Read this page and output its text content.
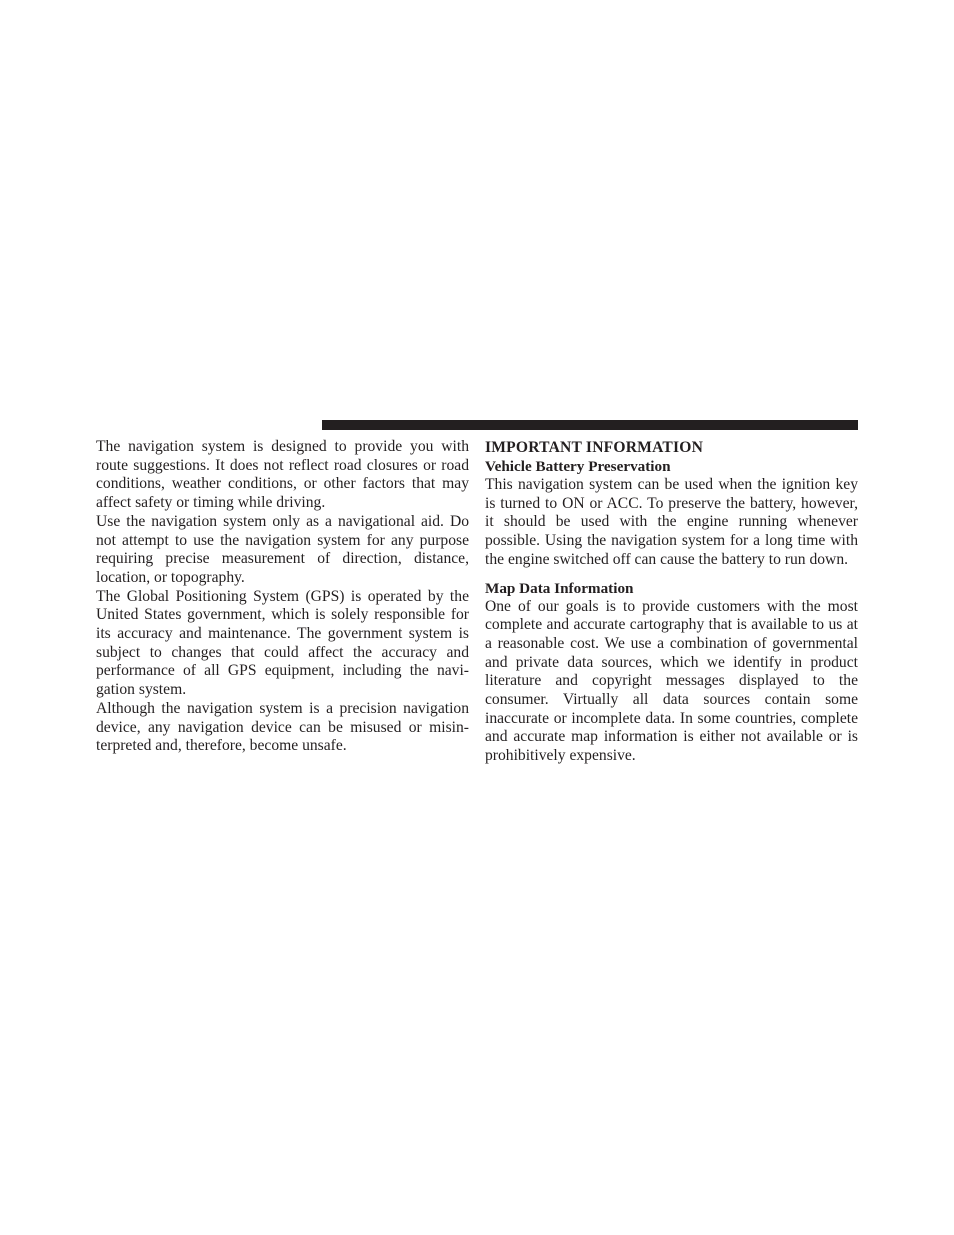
The navigation system is designed to provide you with route suggestions. It does not reflect road closures or road conditions, weather conditions, or other factors that may affect safety or timing while driving.

Use the navigation system only as a navigational aid. Do not attempt to use the navigation system for any purpose requiring precise measurement of direction, distance, location, or topography.

The Global Positioning System (GPS) is operated by the United States government, which is solely responsible for its accuracy and maintenance. The government system is subject to changes that could affect the accuracy and performance of all GPS equipment, including the navigation system.

Although the navigation system is a precision navigation device, any navigation device can be misused or misinterpreted and, therefore, become unsafe.

IMPORTANT INFORMATION
Vehicle Battery Preservation

This navigation system can be used when the ignition key is turned to ON or ACC. To preserve the battery, however, it should be used with the engine running whenever possible. Using the navigation system for a long time with the engine switched off can cause the battery to run down.

Map Data Information

One of our goals is to provide customers with the most complete and accurate cartography that is available to us at a reasonable cost. We use a combination of governmental and private data sources, which we identify in product literature and copyright messages displayed to the consumer. Virtually all data sources contain some inaccurate or incomplete data. In some countries, complete and accurate map information is either not available or is prohibitively expensive.
